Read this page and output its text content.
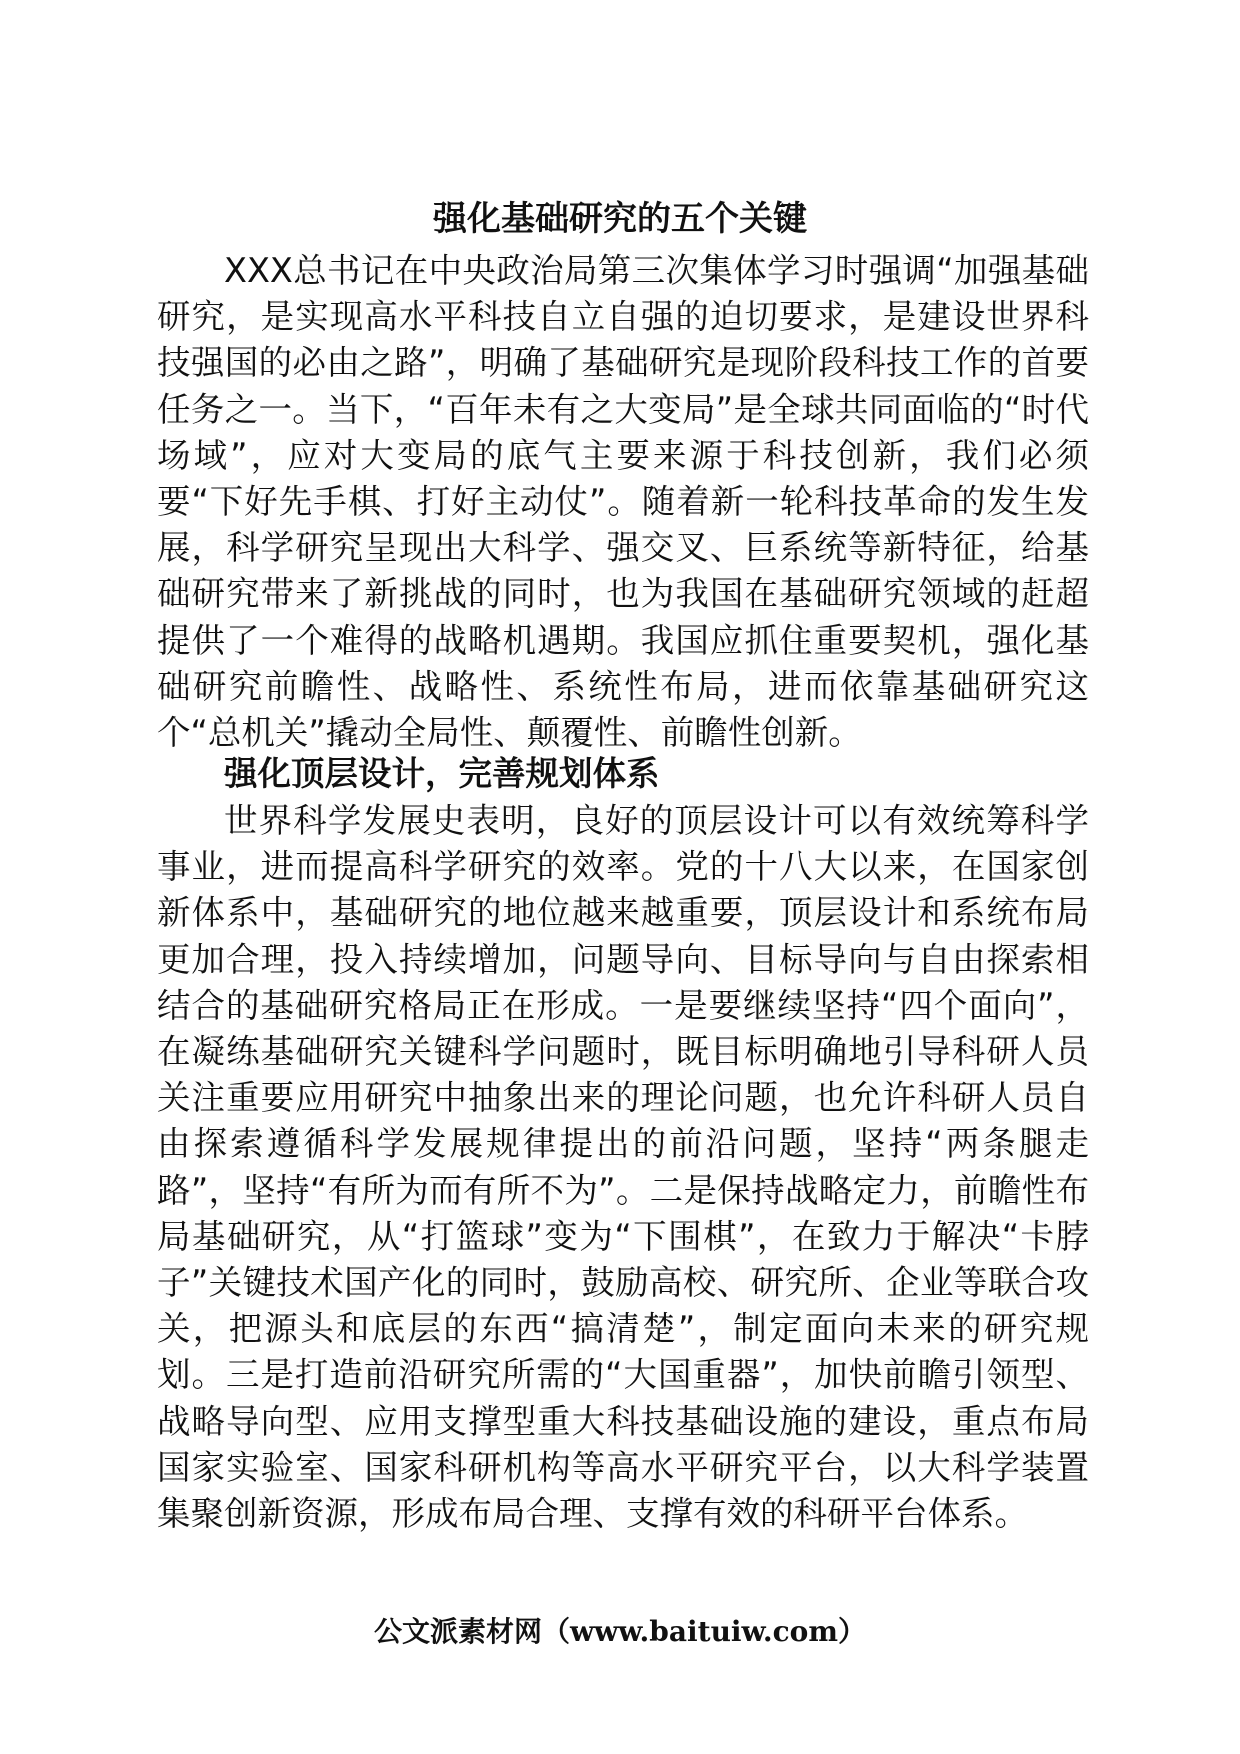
强化基础研究的五个关键

XXX总书记在中央政治局第三次集体学习时强调“加强基础研究，是实现高水平科技自立自强的迫切要求，是建设世界科技强国的必由之路”，明确了基础研究是现阶段科技工作的首要任务之一。当下，“百年未有之大变局”是全球共同面临的“时代场域”，应对大变局的底气主要来源于科技创新，我们必须要“下好先手棋、打好主动仗”。随着新一轮科技革命的发生发展，科学研究呈现出大科学、强交叉、巨系统等新特征，给基础研究带来了新挑战的同时，也为我国在基础研究领域的赶超提供了一个难得的战略机遇期。我国应抓住重要契机，强化基础研究前瞻性、战略性、系统性布局，进而依靠基础研究这个“总机关”撬动全局性、颠覆性、前瞻性创新。

强化顶层设计，完善规划体系

世界科学发展史表明，良好的顶层设计可以有效统筹科学事业，进而提高科学研究的效率。党的十八大以来，在国家创新体系中，基础研究的地位越来越重要，顶层设计和系统布局更加合理，投入持续增加，问题导向、目标导向与自由探索相结合的基础研究格局正在形成。一是要继续坚持“四个面向”，在凝练基础研究关键科学问题时，既目标明确地引导科研人员关注重要应用研究中抽象出来的理论问题，也允许科研人员自由探索遵循科学发展规律提出的前沿问题，坚持“两条腿走路”，坚持“有所为而有所不为”。二是保持战略定力，前瞻性布局基础研究，从“打篮球”变为“下围棋”，在致力于解决“卡脖子”关键技术国产化的同时，鼓励高校、研究所、企业等联合攻关，把源头和底层的东西“搞清楚”，制定面向未来的研究规划。三是打造前沿研究所需的“大国重器”，加快前瞻引领型、战略导向型、应用支撑型重大科技基础设施的建设，重点布局国家实验室、国家科研机构等高水平研究平台，以大科学装置集聚创新资源，形成布局合理、支撑有效的科研平台体系。

公文派素材网（www.baituiw.com）
